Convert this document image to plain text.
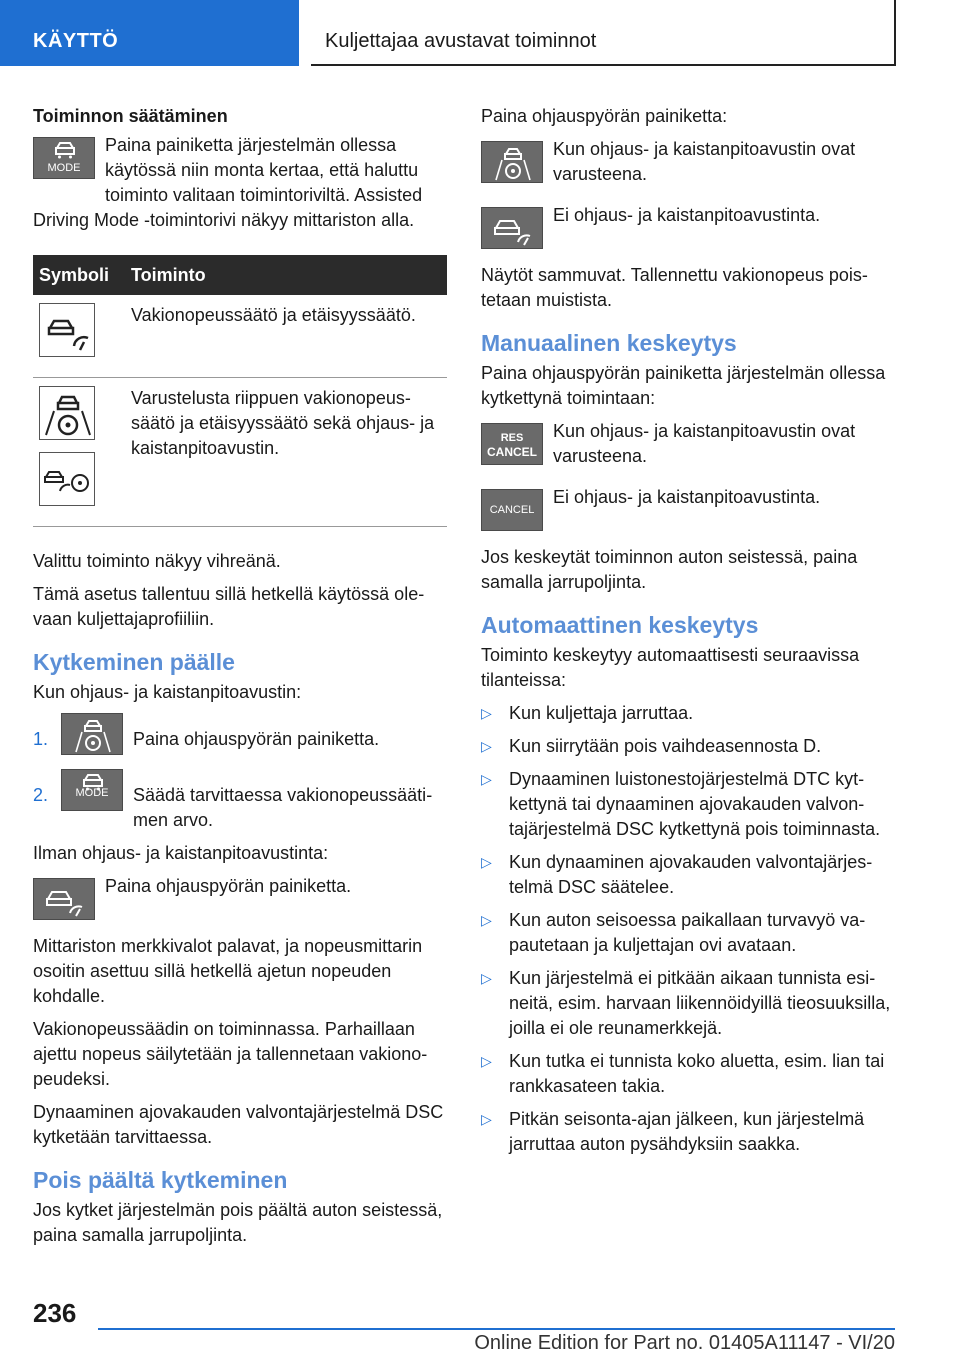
KÄYTTÖ	Kuljettajaa avustavat toiminnot
Toiminnon säätäminen
MODE

Paina painiketta järjestelmän ollessa käytössä niin monta kertaa, että haluttu toiminto valitaan toimintoriviltä. Assisted Driving Mode -toimintorivi näkyy mittariston alla.

Symboli	Toiminto

	Vakionopeussäätö ja etäisyyssäätö.

	Varustelusta riippuen vakionopeussäätö ja etäisyyssäätö sekä ohjaus- ja kaistanpitoavustin.

Valittu toiminto näkyy vihreänä.

Tämä asetus tallentuu sillä hetkellä käytössä olevaan kuljettajaprofiiliin.

Kytkeminen päälle

Kun ohjaus- ja kaistanpitoavustin:

1.	Paina ohjauspyörän painiketta.
2.	MODE	Säädä tarvittaessa vakionopeussäätimen arvo.

Ilman ohjaus- ja kaistanpitoavustinta:

Paina ohjauspyörän painiketta.

Mittariston merkkivalot palavat, ja nopeusmittarin osoitin asettuu sillä hetkellä ajetun nopeuden kohdalle.

Vakionopeussäädin on toiminnassa. Parhaillaan ajettu nopeus säilytetään ja tallennetaan vakionopeudeksi.

Dynaaminen ajovakauden valvontajärjestelmä DSC kytketään tarvittaessa.

Pois päältä kytkeminen

Jos kytket järjestelmän pois päältä auton seistessä, paina samalla jarrupoljinta.

Paina ohjauspyörän painiketta:

Kun ohjaus- ja kaistanpitoavustin ovat varusteena.

Ei ohjaus- ja kaistanpitoavustinta.

Näytöt sammuvat. Tallennettu vakionopeus poistetaan muistista.

Manuaalinen keskeytys

Paina ohjauspyörän painiketta järjestelmän ollessa kytkettynä toimintaan:

RES
CANCEL

Kun ohjaus- ja kaistanpitoavustin ovat varusteena.

CANCEL

Ei ohjaus- ja kaistanpitoavustinta.

Jos keskeytät toiminnon auton seistessä, paina samalla jarrupoljinta.

Automaattinen keskeytys

Toiminto keskeytyy automaattisesti seuraavissa tilanteissa:

▷ Kun kuljettaja jarruttaa.
▷ Kun siirrytään pois vaihdeasennosta D.
▷ Dynaaminen luistonestojärjestelmä DTC kytkettynä tai dynaaminen ajovakauden valvontajärjestelmä DSC kytkettynä pois toiminnasta.
▷ Kun dynaaminen ajovakauden valvontajärjestelmä DSC säätelee.
▷ Kun auton seisoessa paikallaan turvavyö vapautetaan ja kuljettajan ovi avataan.
▷ Kun järjestelmä ei pitkään aikaan tunnista esineitä, esim. harvaan liikennöidyillä tieosuuksilla, joilla ei ole reunamerkkejä.
▷ Kun tutka ei tunnista koko aluetta, esim. lian tai rankkasateen takia.
▷ Pitkän seisonta-ajan jälkeen, kun järjestelmä jarruttaa auton pysähdyksiin saakka.
236
Online Edition for Part no. 01405A11147 - VI/20
